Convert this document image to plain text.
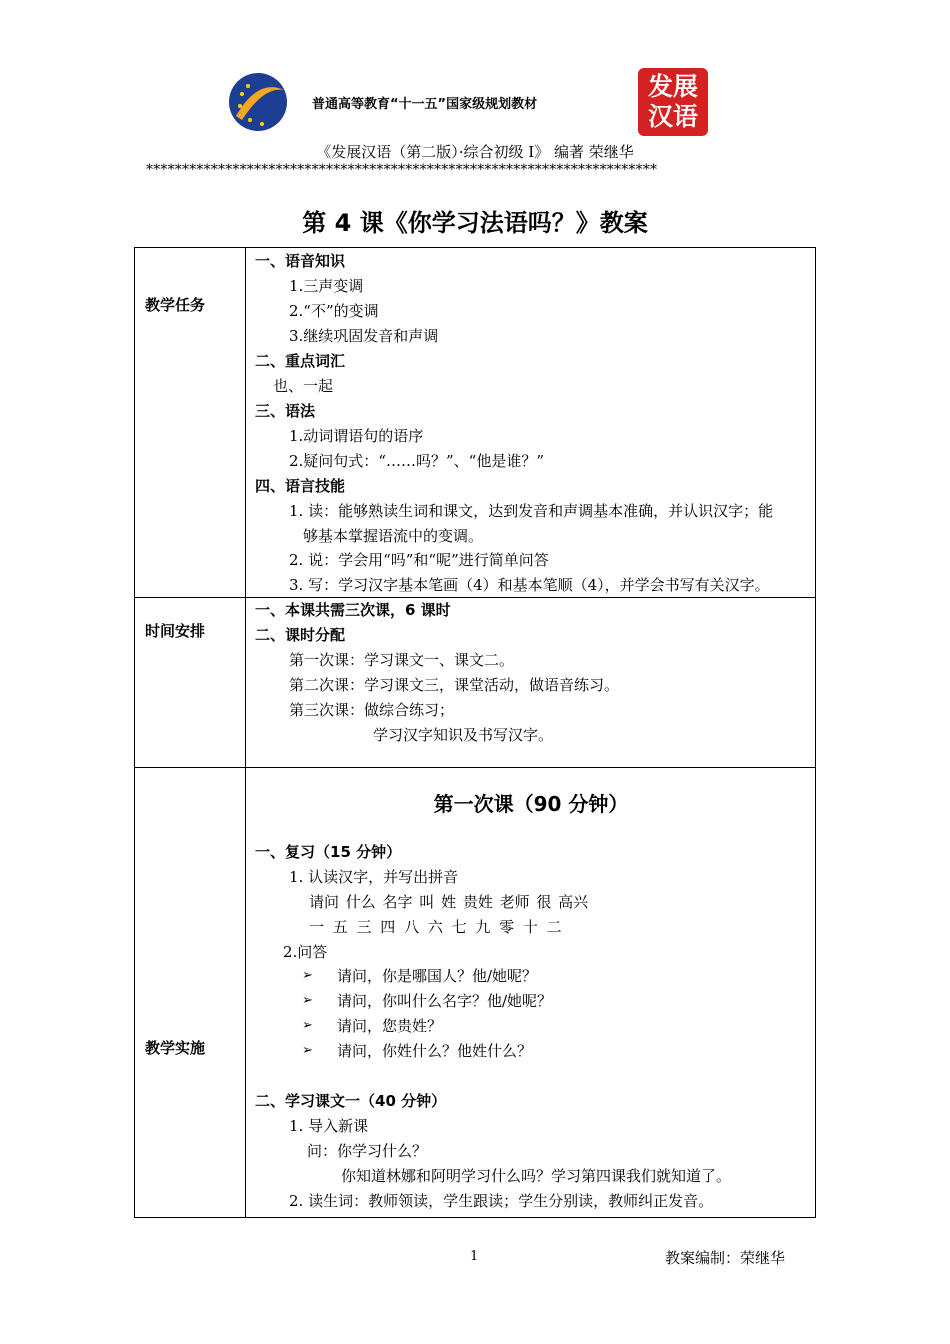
普通高等教育“十一五”国家级规划教材
发展
汉语
《发展汉语（第二版）·综合初级 I》 编著 荣继华
***********************************************************************
第 4 课《你学习法语吗？》教案
教学任务
一、语音知识
1.三声变调
2.“不”的变调
3.继续巩固发音和声调
二、重点词汇
也、一起
三、语法
1.动词谓语句的语序
2.疑问句式：“……吗？”、“他是谁？”
四、语言技能
1. 读：能够熟读生词和课文，达到发音和声调基本准确，并认识汉字；能
够基本掌握语流中的变调。
2. 说：学会用“吗”和“呢”进行简单问答
3. 写：学习汉字基本笔画（4）和基本笔顺（4），并学会书写有关汉字。
时间安排
一、本课共需三次课，6 课时
二、课时分配
第一次课：学习课文一、课文二。
第二次课：学习课文三，课堂活动，做语音练习。
第三次课：做综合练习；
学习汉字知识及书写汉字。
教学实施
第一次课（90 分钟）
一、复习（15 分钟）
1. 认读汉字，并写出拼音
请问 什么 名字 叫 姓 贵姓 老师 很 高兴
一 五 三 四 八 六 七 九 零 十 二
2.问答
➢ 请问，你是哪国人？他/她呢？
➢ 请问，你叫什么名字？他/她呢？
➢ 请问，您贵姓？
➢ 请问，你姓什么？他姓什么？
二、学习课文一（40 分钟）
1. 导入新课
问：你学习什么？
你知道林娜和阿明学习什么吗？学习第四课我们就知道了。
2. 读生词：教师领读，学生跟读；学生分别读，教师纠正发音。
1	教案编制：荣继华
